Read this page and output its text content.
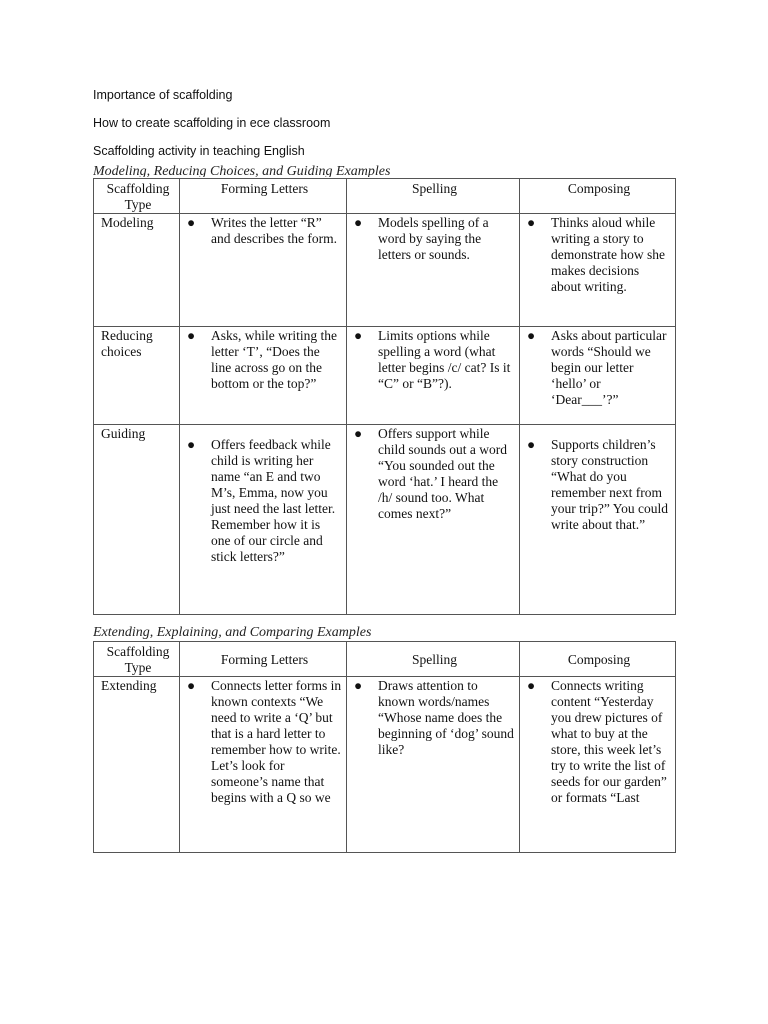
Importance of scaffolding
How to create scaffolding in ece classroom
Scaffolding activity in teaching English
Modeling, Reducing Choices, and Guiding Examples
Scaffolding Type	Forming Letters	Spelling	Composing
Modeling	● Writes the letter “R” and describes the form.	● Models spelling of a word by saying the letters or sounds.	● Thinks aloud while writing a story to demonstrate how she makes decisions about writing.

Reducing choices	● Asks, while writing the letter ‘T’, “Does the line across go on the bottom or the top?”	● Limits options while spelling a word (what letter begins /c/ cat? Is it “C” or “B”?).	● Asks about particular words “Should we begin our letter ‘hello’ or ‘Dear___’?”

Guiding	● Offers feedback while child is writing her name “an E and two M’s, Emma, now you just need the last letter. Remember how it is one of our circle and stick letters?”	● Offers support while child sounds out a word “You sounded out the word ‘hat.’ I heard the /h/ sound too. What comes next?”	● Supports children’s story construction “What do you remember next from your trip?” You could write about that.”
Extending, Explaining, and Comparing Examples
Scaffolding Type	Forming Letters	Spelling	Composing

Extending	● Connects letter forms in known contexts “We need to write a ‘Q’ but that is a hard letter to remember how to write. Let’s look for someone’s name that begins with a Q so we	● Draws attention to known words/names “Whose name does the beginning of ‘dog’ sound like?	● Connects writing content “Yesterday you drew pictures of what to buy at the store, this week let’s try to write the list of seeds for our garden” or formats “Last
